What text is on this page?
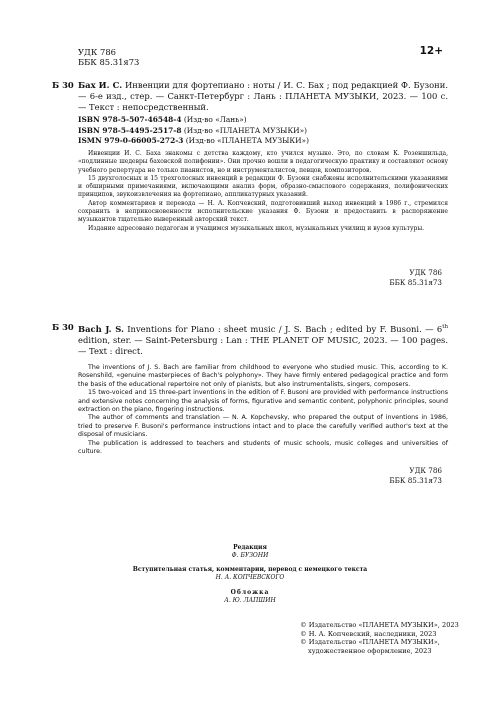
УДК 786
ББК 85.31я73
12+
Б 30 Бах И. С. Инвенции для фортепиано : ноты / И. С. Бах ; под редакцией Ф. Бузони. — 6-е изд., стер. — Санкт-Петербург : Лань : ПЛАНЕТА МУЗЫКИ, 2023. — 100 с. — Текст : непосредственный.
ISBN 978-5-507-46548-4 (Изд-во «Лань»)
ISBN 978-5-4495-2517-8 (Изд-во «ПЛАНЕТА МУЗЫКИ»)
ISMN 979-0-66005-272-3 (Изд-во «ПЛАНЕТА МУЗЫКИ»)

Инвенции И. С. Баха знакомы с детства каждому, кто учился музыке. Это, по словам К. Розеншильда, «подлинные шедевры баховской полифонии». Они прочно вошли в педагогическую практику и составляют основу учебного репертуара не только пианистов, но и инструменталистов, певцов, композиторов.

15 двухголосных и 15 трехголосных инвенций в редакции Ф. Бузони снабжены исполнительскими указаниями и обширными примечаниями, включающими анализ форм, образно-смыслового содержания, полифонических принципов, звукоизвлечения на фортепиано, аппликатурных указаний.

Автор комментариев и перевода — Н. А. Копчевский, подготовивший выход инвенций в 1986 г., стремился сохранить в неприкосновенности исполнительские указания Ф. Бузони и предоставить в распоряжение музыкантов тщательно выверенный авторский текст.

Издание адресовано педагогам и учащимся музыкальных школ, музыкальных училищ и вузов культуры.

УДК 786
ББК 85.31я73
Б 30 Bach J. S. Inventions for Piano : sheet music / J. S. Bach ; edited by F. Busoni. — 6th edition, ster. — Saint-Petersburg : Lan : THE PLANET OF MUSIC, 2023. — 100 pages. — Text : direct.

The inventions of J. S. Bach are familiar from childhood to everyone who studied music. This, according to K. Rosenshild, «genuine masterpieces of Bach's polyphony». They have firmly entered pedagogical practice and form the basis of the educational repertoire not only of pianists, but also instrumentalists, singers, composers.

15 two-voiced and 15 three-part inventions in the edition of F. Busoni are provided with performance instructions and extensive notes concerning the analysis of forms, figurative and semantic content, polyphonic principles, sound extraction on the piano, fingering instructions.

The author of comments and translation — N. A. Kopchevsky, who prepared the output of inventions in 1986, tried to preserve F. Busoni's performance instructions intact and to place the carefully verified author's text at the disposal of musicians.

The publication is addressed to teachers and students of music schools, music colleges and universities of culture.

УДК 786
ББК 85.31я73
Редакция
Ф. БУЗОНИ
Вступительная статья, комментарии, перевод с немецкого текста
Н. А. КОПЧЕВСКОГО
Обложка
А. Ю. ЛАПШИН
© Издательство «ПЛАНЕТА МУЗЫКИ», 2023
© Н. А. Копчевский, наследники, 2023
© Издательство «ПЛАНЕТА МУЗЫКИ»,
художественное оформление, 2023
